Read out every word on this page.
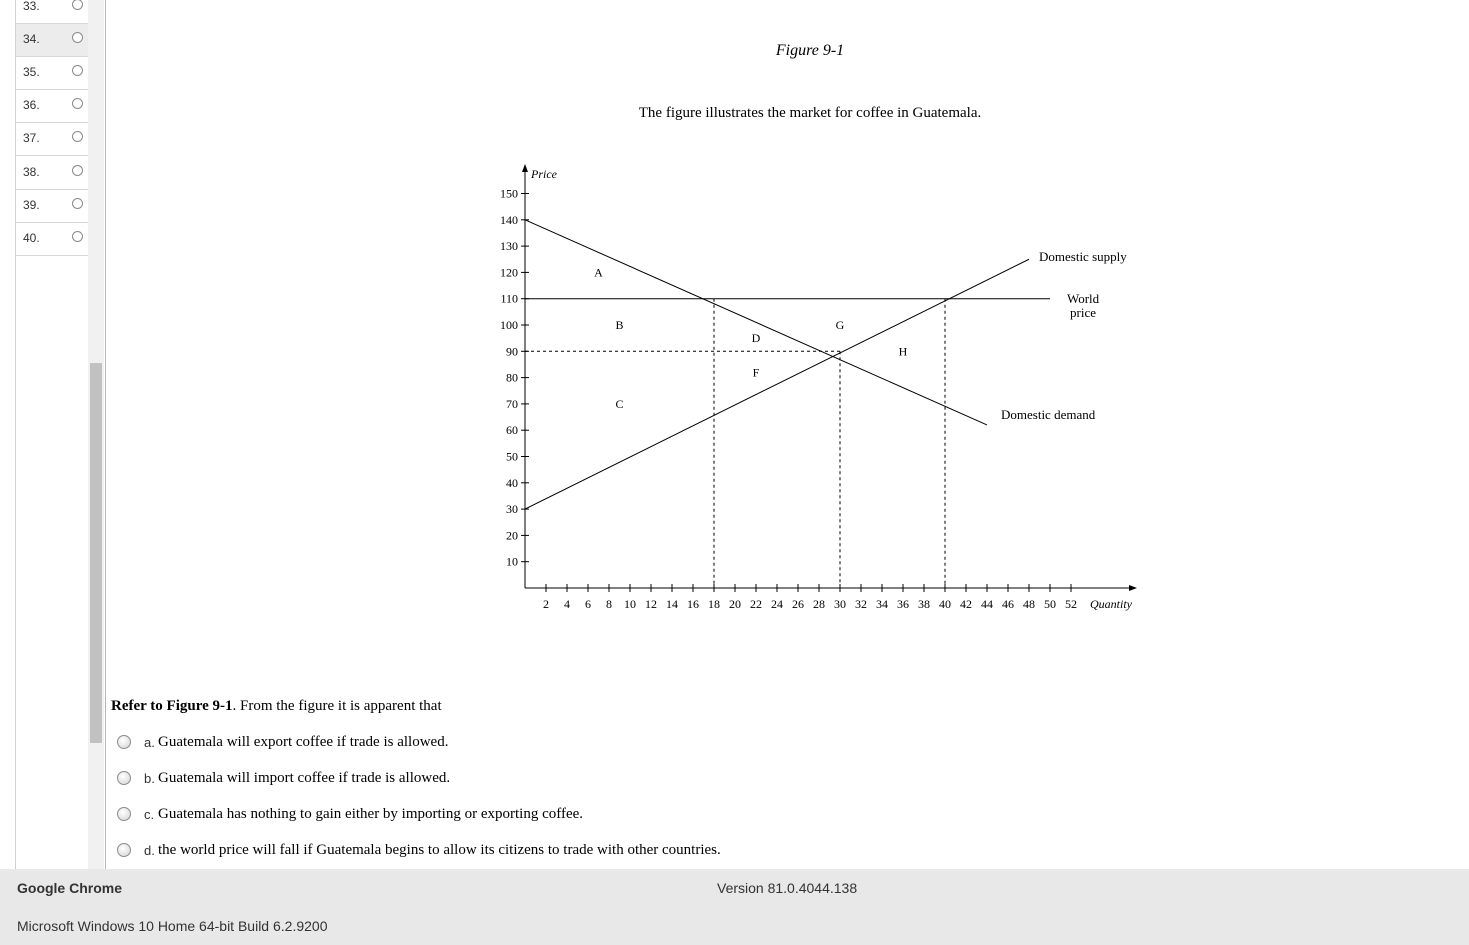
33.
34.
35.
36.
37.
38.
39.
40.
Figure 9-1
The figure illustrates the market for coffee in Guatemala.
10
20
30
40
50
60
70
80
90
100
110
120
130
140
150
2 4 6 8 10 12 14 16 18 20 22 24 26 28 30 32 34 36 38 40 42 44 46 48 50 52
A
B
C
D
F
G
H
Price
Quantity
Domestic supply
World
price
Domestic demand
Refer to Figure 9-1. From the figure it is apparent that
a. Guatemala will export coffee if trade is allowed.
b. Guatemala will import coffee if trade is allowed.
c. Guatemala has nothing to gain either by importing or exporting coffee.
d. the world price will fall if Guatemala begins to allow its citizens to trade with other countries.
Google Chrome	Version 81.0.4044.138
Microsoft Windows 10 Home 64-bit Build 6.2.9200
